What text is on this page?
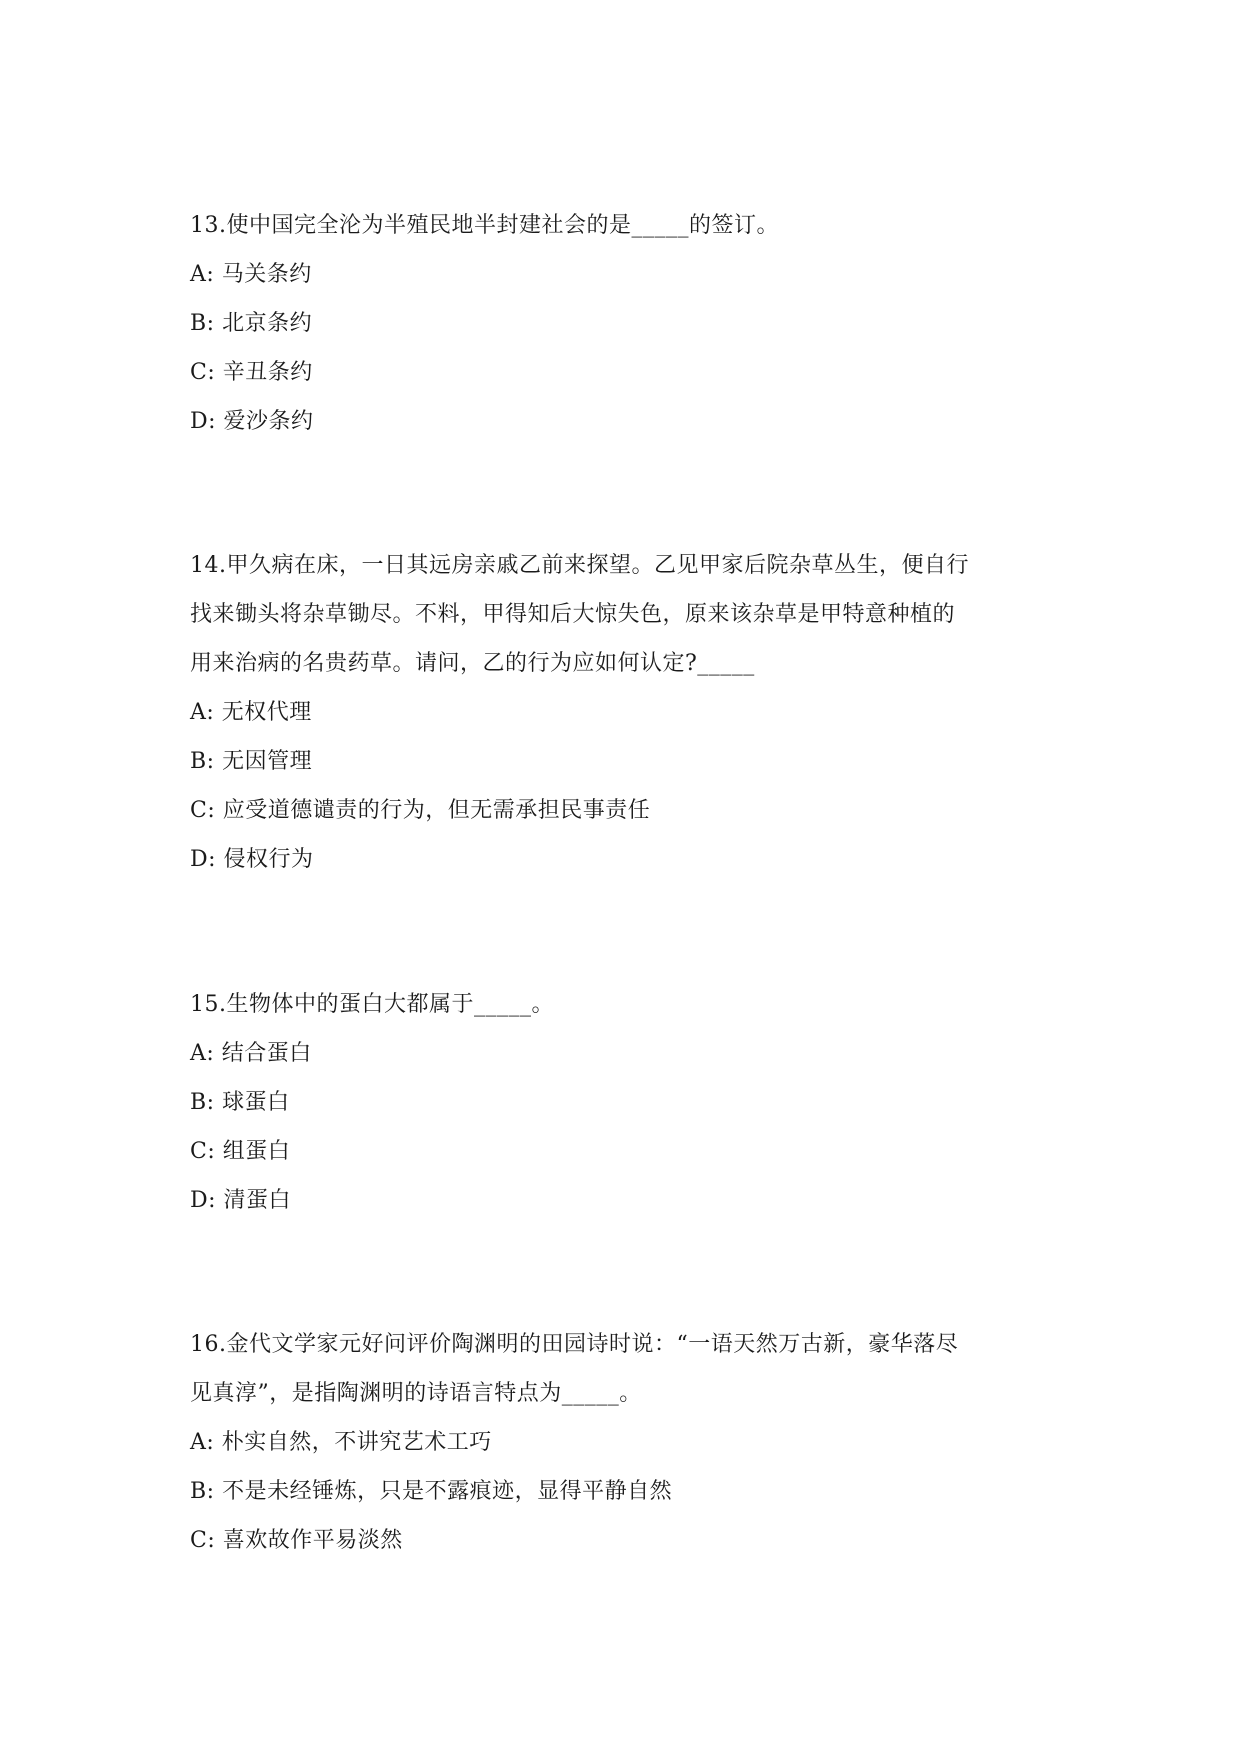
13.使中国完全沦为半殖民地半封建社会的是_____的签订。

A: 马关条约

B: 北京条约

C: 辛丑条约

D: 爱沙条约

14.甲久病在床，一日其远房亲戚乙前来探望。乙见甲家后院杂草丛生，便自行

找来锄头将杂草锄尽。不料，甲得知后大惊失色，原来该杂草是甲特意种植的

用来治病的名贵药草。请问，乙的行为应如何认定?_____

A: 无权代理

B: 无因管理

C: 应受道德谴责的行为，但无需承担民事责任

D: 侵权行为

15.生物体中的蛋白大都属于_____。

A: 结合蛋白

B: 球蛋白

C: 组蛋白

D: 清蛋白

16.金代文学家元好问评价陶渊明的田园诗时说：“一语天然万古新，豪华落尽

见真淳”，是指陶渊明的诗语言特点为_____。

A: 朴实自然，不讲究艺术工巧

B: 不是未经锤炼，只是不露痕迹，显得平静自然

C: 喜欢故作平易淡然
